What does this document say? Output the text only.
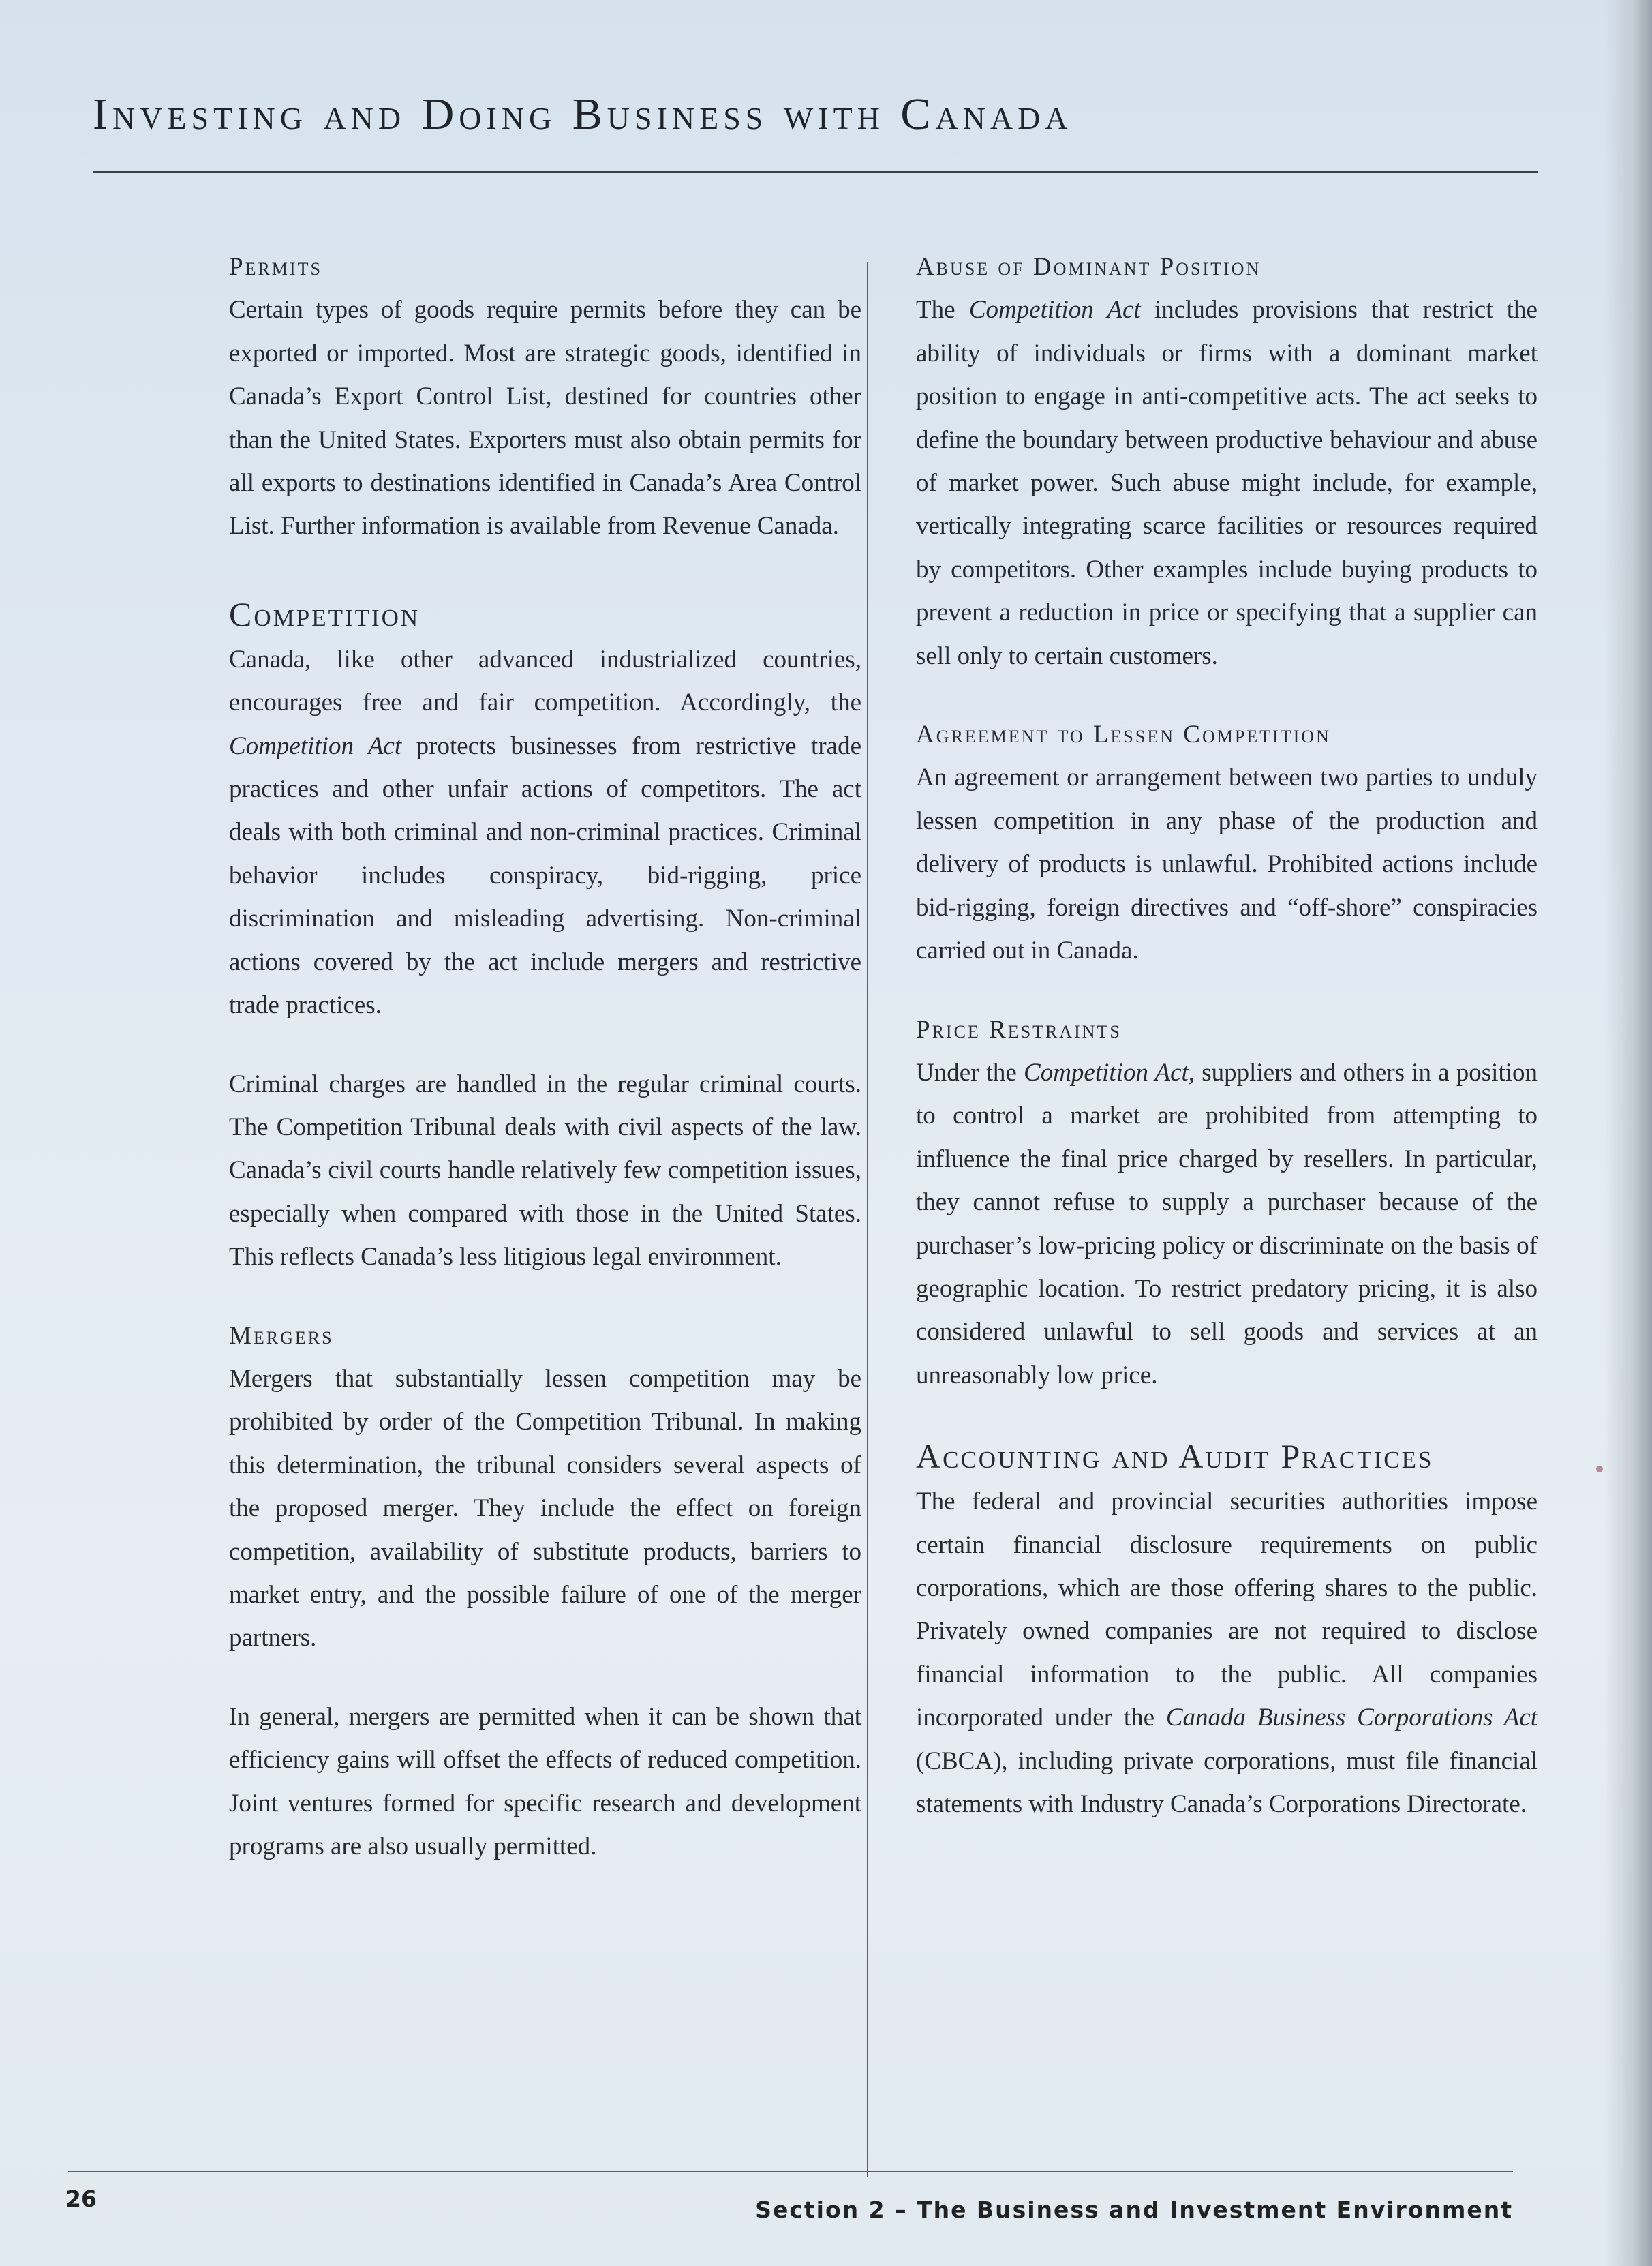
Investing and Doing Business with Canada
Permits

Certain types of goods require permits before they can be exported or imported. Most are strategic goods, identified in Canada’s Export Control List, destined for countries other than the United States. Exporters must also obtain permits for all exports to destinations identified in Canada’s Area Control List. Further information is available from Revenue Canada.

Competition

Canada, like other advanced industrialized countries, encourages free and fair competition. Accordingly, the Competition Act protects businesses from restrictive trade practices and other unfair actions of competitors. The act deals with both criminal and non-criminal practices. Criminal behavior includes conspiracy, bid-rigging, price discrimination and misleading advertising. Non-criminal actions covered by the act include mergers and restrictive trade practices.

Criminal charges are handled in the regular criminal courts. The Competition Tribunal deals with civil aspects of the law. Canada’s civil courts handle relatively few competition issues, especially when compared with those in the United States. This reflects Canada’s less litigious legal environment.

Mergers

Mergers that substantially lessen competition may be prohibited by order of the Competition Tribunal. In making this determination, the tribunal considers several aspects of the proposed merger. They include the effect on foreign competition, availability of substitute products, barriers to market entry, and the possible failure of one of the merger partners.

In general, mergers are permitted when it can be shown that efficiency gains will offset the effects of reduced competition. Joint ventures formed for specific research and development programs are also usually permitted.

Abuse of Dominant Position

The Competition Act includes provisions that restrict the ability of individuals or firms with a dominant market position to engage in anti-competitive acts. The act seeks to define the boundary between productive behaviour and abuse of market power. Such abuse might include, for example, vertically integrating scarce facilities or resources required by competitors. Other examples include buying products to prevent a reduction in price or specifying that a supplier can sell only to certain customers.

Agreement to Lessen Competition

An agreement or arrangement between two parties to unduly lessen competition in any phase of the production and delivery of products is unlawful. Prohibited actions include bid-rigging, foreign directives and “off-shore” conspiracies carried out in Canada.

Price Restraints

Under the Competition Act, suppliers and others in a position to control a market are prohibited from attempting to influence the final price charged by resellers. In particular, they cannot refuse to supply a purchaser because of the purchaser’s low-pricing policy or discriminate on the basis of geographic location. To restrict predatory pricing, it is also considered unlawful to sell goods and services at an unreasonably low price.

Accounting and Audit Practices

The federal and provincial securities authorities impose certain financial disclosure requirements on public corporations, which are those offering shares to the public. Privately owned companies are not required to disclose financial information to the public. All companies incorporated under the Canada Business Corporations Act (CBCA), including private corporations, must file financial statements with Industry Canada’s Corporations Directorate.

26	Section 2 – The Business and Investment Environment
